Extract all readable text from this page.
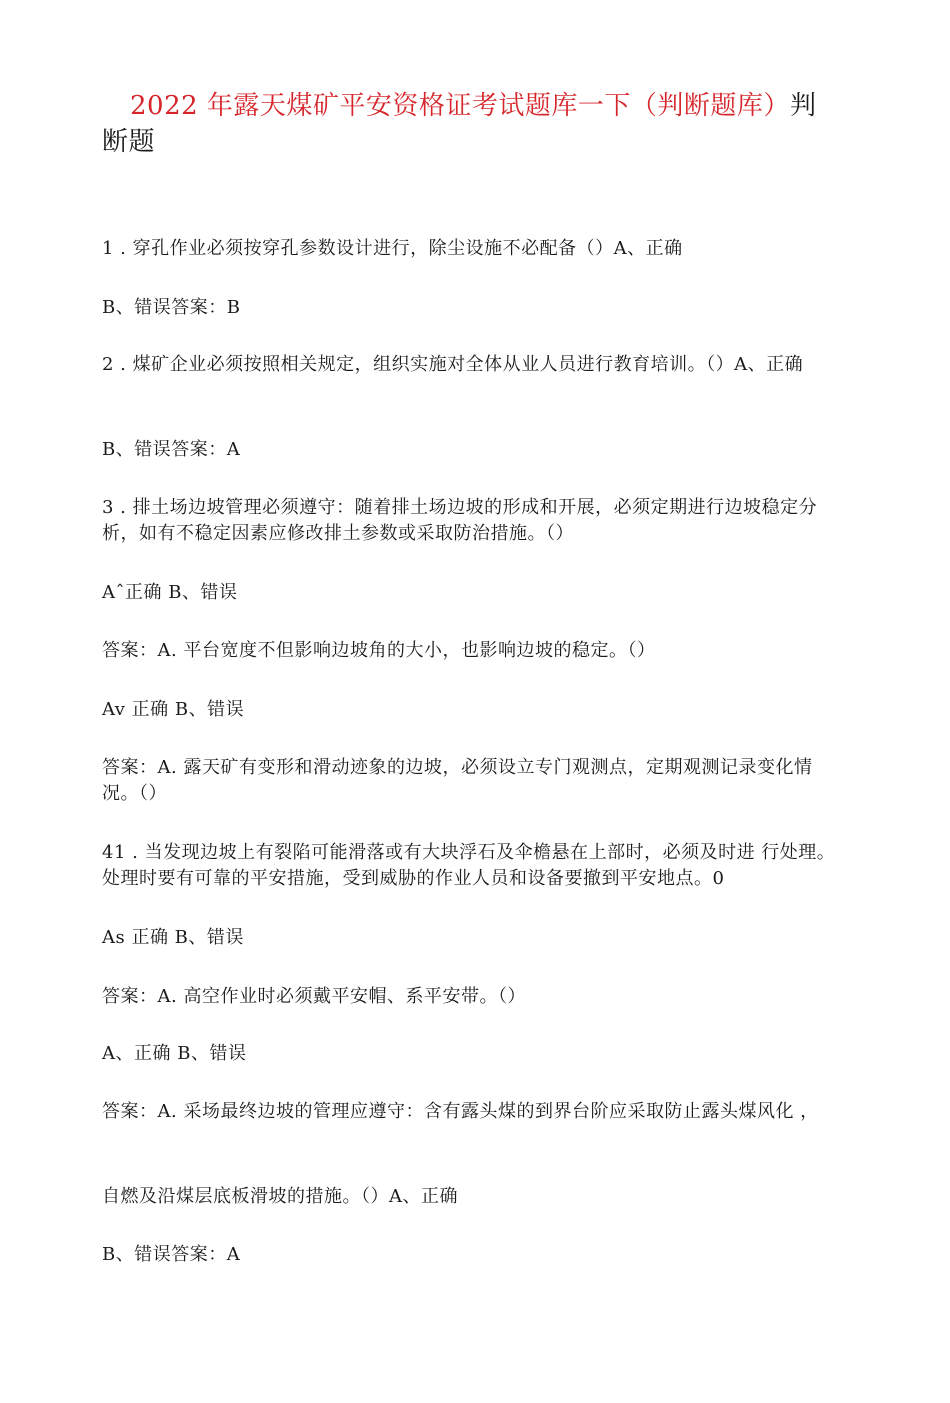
2022 年露天煤矿平安资格证考试题库一下（判断题库）判
断题
1 . 穿孔作业必须按穿孔参数设计进行，除尘设施不必配备（）A、正确
B、错误答案：B
2 . 煤矿企业必须按照相关规定，组织实施对全体从业人员进行教育培训。（）A、正确
B、错误答案：A
3 . 排土场边坡管理必须遵守：随着排土场边坡的形成和开展，必须定期进行边坡稳定分析，如有不稳定因素应修改排土参数或采取防治措施。（）
Aˆ正确 B、错误
答案：A. 平台宽度不但影响边坡角的大小，也影响边坡的稳定。（）
Av 正确 B、错误
答案：A. 露天矿有变形和滑动迹象的边坡，必须设立专门观测点，定期观测记录变化情 况。（）
41 . 当发现边坡上有裂陷可能滑落或有大块浮石及伞檐悬在上部时，必须及时进 行处理。处理时要有可靠的平安措施，受到威胁的作业人员和设备要撤到平安地点。0
As 正确 B、错误
答案：A. 高空作业时必须戴平安帽、系平安带。（）
A、正确 B、错误
答案：A. 采场最终边坡的管理应遵守：含有露头煤的到界台阶应采取防止露头煤风化 ，
自燃及沿煤层底板滑坡的措施。（）A、正确
B、错误答案：A
